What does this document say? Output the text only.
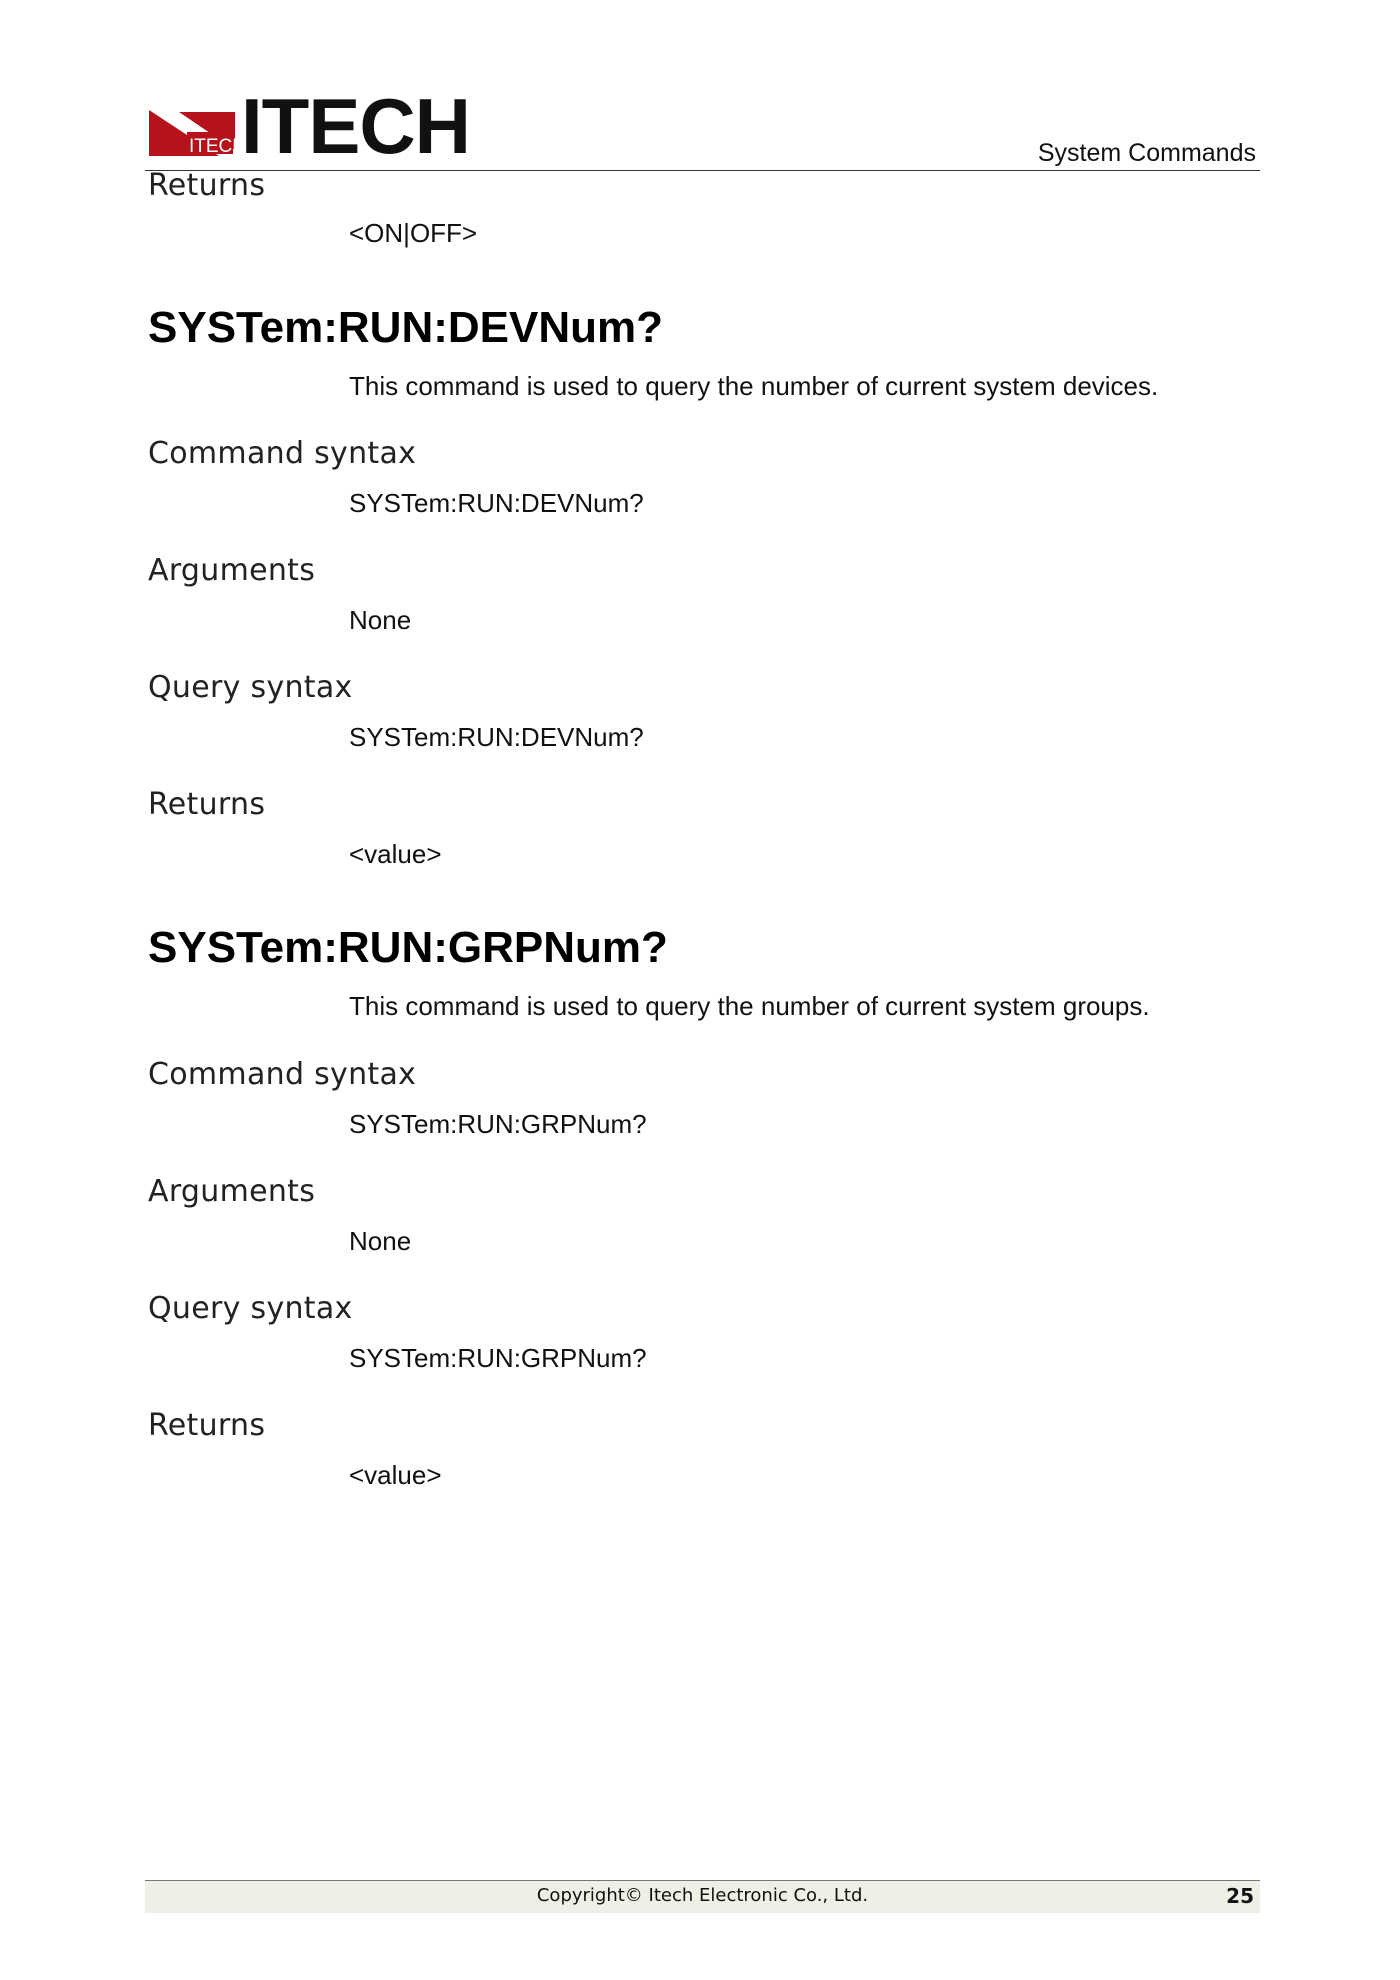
ITECH
ITECH	System Commands
Returns
<ON|OFF>
SYSTem:RUN:DEVNum?
This command is used to query the number of current system devices.
Command syntax
SYSTem:RUN:DEVNum?
Arguments
None
Query syntax
SYSTem:RUN:DEVNum?
Returns
<value>
SYSTem:RUN:GRPNum?
This command is used to query the number of current system groups.
Command syntax
SYSTem:RUN:GRPNum?
Arguments
None
Query syntax
SYSTem:RUN:GRPNum?
Returns
<value>
Copyright© Itech Electronic Co., Ltd.	25
